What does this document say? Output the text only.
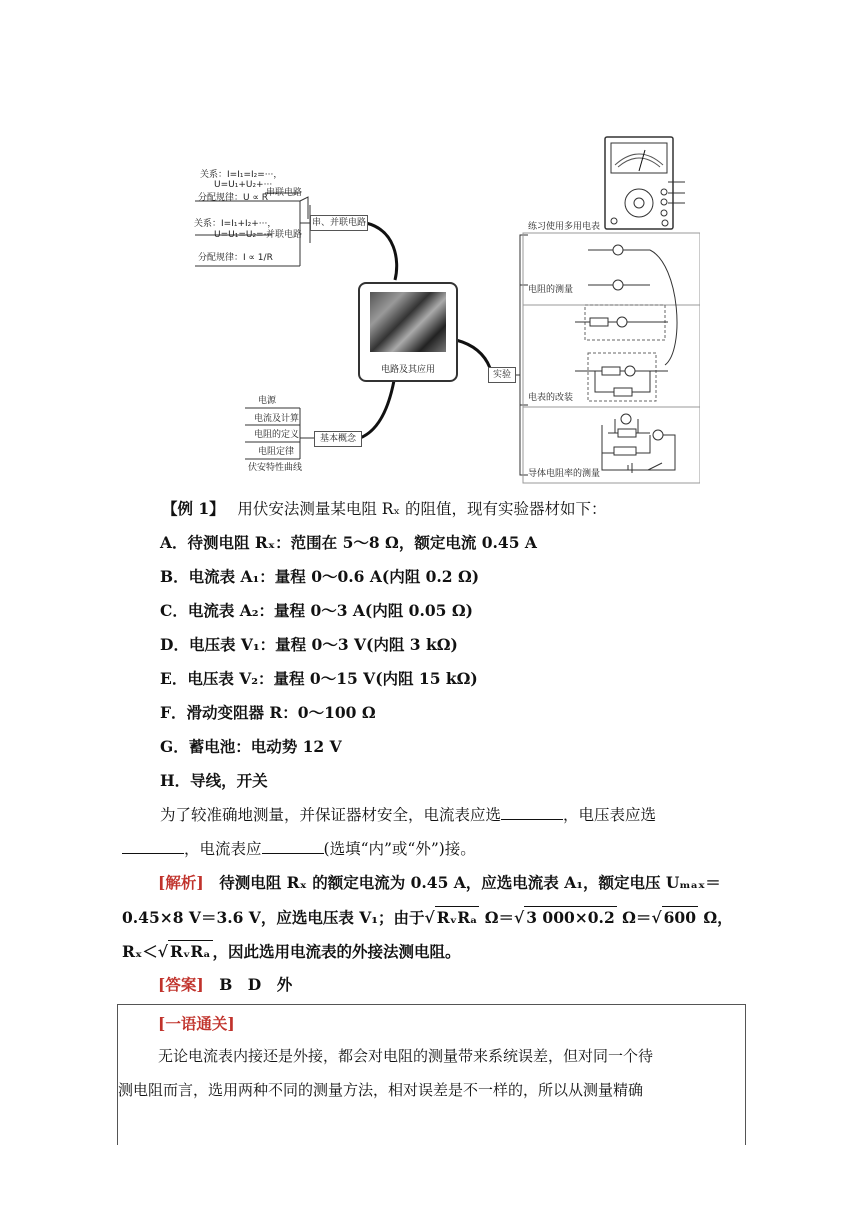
关系：I=I₁=I₂=···，
U=U₁+U₂+···
串联电路
分配规律：U ∝ R
关系：I=I₁+I₂+···，
U=U₁=U₂=···
并联电路
分配规律：I ∝ 1/R
串、并联电路
电路及其应用
电源
电流及计算
电阻的定义
电阻定律
伏安特性曲线
基本概念
实验
练习使用多用电表
电阻的测量
电表的改装
导体电阻率的测量
【例 1】　 用伏安法测量某电阻 Rₓ 的阻值，现有实验器材如下：
A．待测电阻 Rₓ：范围在 5～8 Ω，额定电流 0.45 A
B．电流表 A₁：量程 0～0.6 A(内阻 0.2 Ω)
C．电流表 A₂：量程 0～3 A(内阻 0.05 Ω)
D．电压表 V₁：量程 0～3 V(内阻 3 kΩ)
E．电压表 V₂：量程 0～15 V(内阻 15 kΩ)
F．滑动变阻器 R：0～100 Ω
G．蓄电池：电动势 12 V
H．导线，开关
为了较准确地测量，并保证器材安全，电流表应选	，电压表应选
，电流表应	(选填“内”或“外”)接。
[解析]　 待测电阻 Rₓ 的额定电流为 0.45 A，应选电流表 A₁，额定电压 Uₘₐₓ＝
0.45×8 V＝3.6 V，应选电压表 V₁；由于√ RᵥRₐ Ω＝√ 3 000×0.2 Ω＝√ 600 Ω，
Rₓ＜√ RᵥRₐ ，因此选用电流表的外接法测电阻。
[答案]　 B　D　外
[一语通关]
无论电流表内接还是外接，都会对电阻的测量带来系统误差，但对同一个待
测电阻而言，选用两种不同的测量方法，相对误差是不一样的，所以从测量精确
